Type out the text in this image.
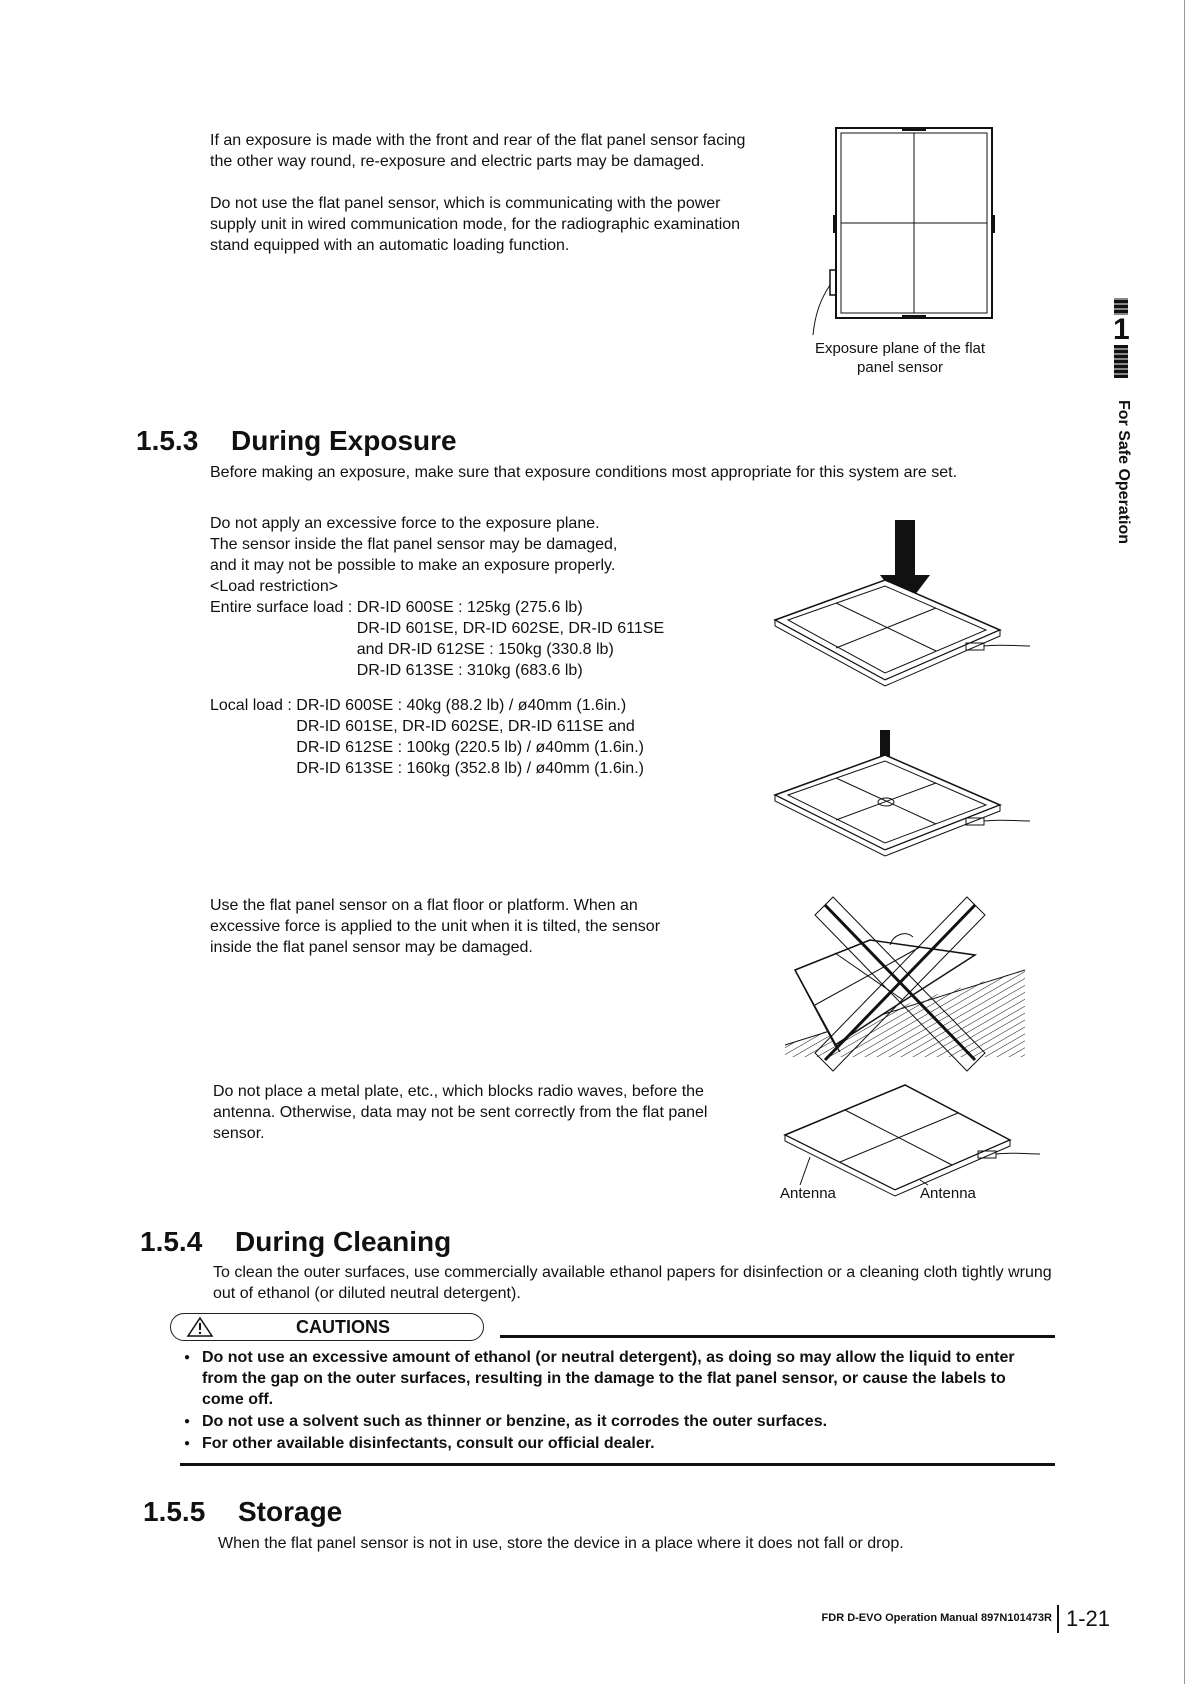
If an exposure is made with the front and rear of the flat panel sensor facing the other way round, re-exposure and electric parts may be damaged.

Do not use the flat panel sensor, which is communicating with the power supply unit in wired communication mode, for the radiographic examination stand equipped with an automatic loading function.

Exposure plane of the flat panel sensor
1
For Safe Operation
1.5.3 During Exposure
Before making an exposure, make sure that exposure conditions most appropriate for this system are set.
Do not apply an excessive force to the exposure plane.
The sensor inside the flat panel sensor may be damaged,
and it may not be possible to make an exposure properly.
<Load restriction>
Entire surface load : DR-ID 600SE : 125kg (275.6 lb)
DR-ID 601SE, DR-ID 602SE, DR-ID 611SE
and DR-ID 612SE : 150kg (330.8 lb)
DR-ID 613SE : 310kg (683.6 lb)
Local load : DR-ID 600SE : 40kg (88.2 lb) / ø40mm (1.6in.)
DR-ID 601SE, DR-ID 602SE, DR-ID 611SE and
DR-ID 612SE : 100kg (220.5 lb) / ø40mm (1.6in.)
DR-ID 613SE : 160kg (352.8 lb) / ø40mm (1.6in.)
Use the flat panel sensor on a flat floor or platform. When an excessive force is applied to the unit when it is tilted, the sensor inside the flat panel sensor may be damaged.
Do not place a metal plate, etc., which blocks radio waves, before the antenna. Otherwise, data may not be sent correctly from the flat panel sensor.
Antenna	Antenna
1.5.4 During Cleaning
To clean the outer surfaces, use commercially available ethanol papers for disinfection or a cleaning cloth tightly wrung out of ethanol (or diluted neutral detergent).
CAUTIONS
● Do not use an excessive amount of ethanol (or neutral detergent), as doing so may allow the liquid to enter from the gap on the outer surfaces, resulting in the damage to the flat panel sensor, or cause the labels to come off.
● Do not use a solvent such as thinner or benzine, as it corrodes the outer surfaces.
● For other available disinfectants, consult our official dealer.
1.5.5 Storage
When the flat panel sensor is not in use, store the device in a place where it does not fall or drop.
FDR D-EVO Operation Manual 897N101473R 1-21
